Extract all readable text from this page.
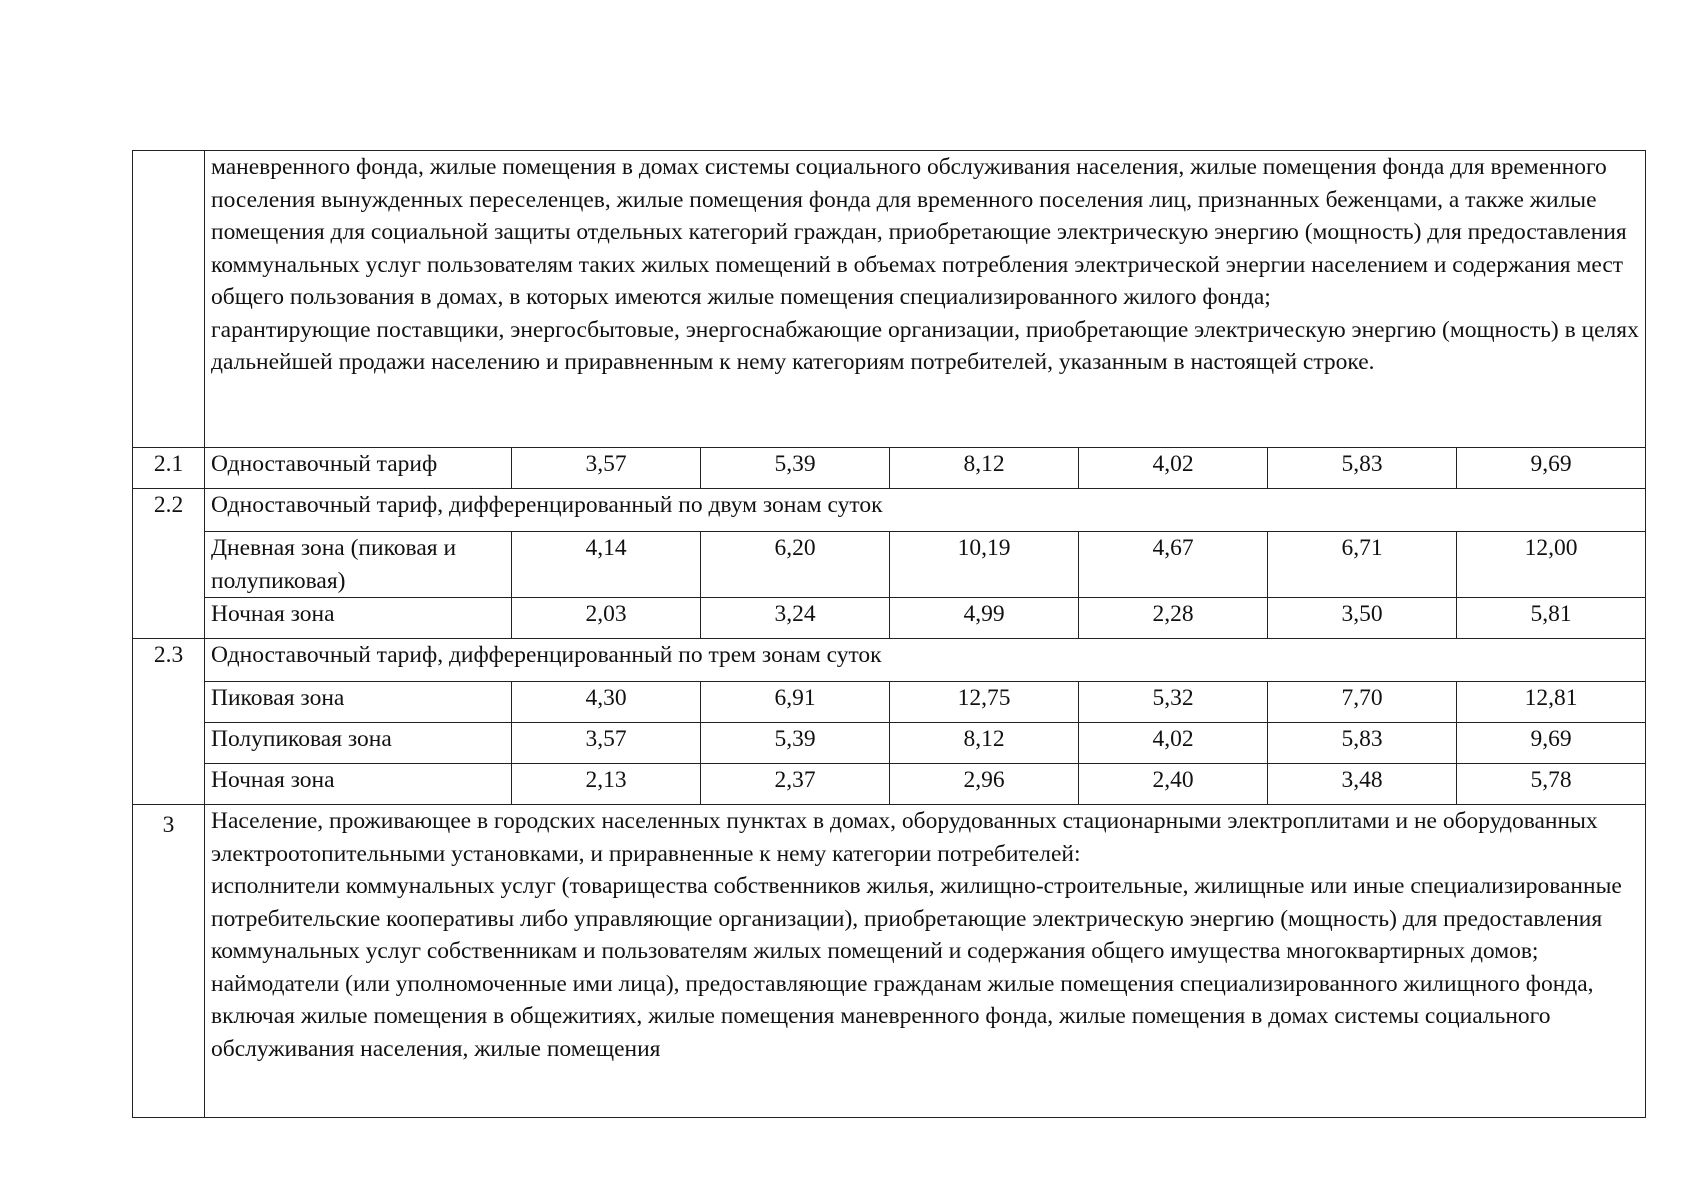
	маневренного фонда, жилые помещения в домах системы социального обслуживания населения, жилые помещения фонда для временного поселения вынужденных переселенцев, жилые помещения фонда для временного поселения лиц, признанных беженцами, а также жилые помещения для социальной защиты отдельных категорий граждан, приобретающие электрическую энергию (мощность) для предоставления коммунальных услуг пользователям таких жилых помещений в объемах потребления электрической энергии населением и содержания мест общего пользования в домах, в которых имеются жилые помещения специализированного жилого фонда;
гарантирующие поставщики, энергосбытовые, энергоснабжающие организации, приобретающие электрическую энергию (мощность) в целях дальнейшей продажи населению и приравненным к нему категориям потребителей, указанным в настоящей строке.						

2.1	Одноставочный тариф	3,57	5,39	8,12	4,02	5,83	9,69
2.2	Одноставочный тариф, дифференцированный по двум зонам суток						
	Дневная зона (пиковая и полупиковая)	4,14	6,20	10,19	4,67	6,71	12,00
	Ночная зона	2,03	3,24	4,99	2,28	3,50	5,81
2.3	Одноставочный тариф, дифференцированный по трем зонам суток						
	Пиковая зона	4,30	6,91	12,75	5,32	7,70	12,81
	Полупиковая зона	3,57	5,39	8,12	4,02	5,83	9,69
	Ночная зона	2,13	2,37	2,96	2,40	3,48	5,78
3	Население, проживающее в городских населенных пунктах в домах, оборудованных стационарными электроплитами и не оборудованных электроотопительными установками, и приравненные к нему категории потребителей:
исполнители коммунальных услуг (товарищества собственников жилья, жилищно-строительные, жилищные или иные специализированные потребительские кооперативы либо управляющие организации), приобретающие электрическую энергию (мощность) для предоставления коммунальных услуг собственникам и пользователям жилых помещений и содержания общего имущества многоквартирных домов;
наймодатели (или уполномоченные ими лица), предоставляющие гражданам жилые помещения специализированного жилищного фонда, включая жилые помещения в общежитиях, жилые помещения маневренного фонда, жилые помещения в домах системы социального обслуживания населения, жилые помещения						
